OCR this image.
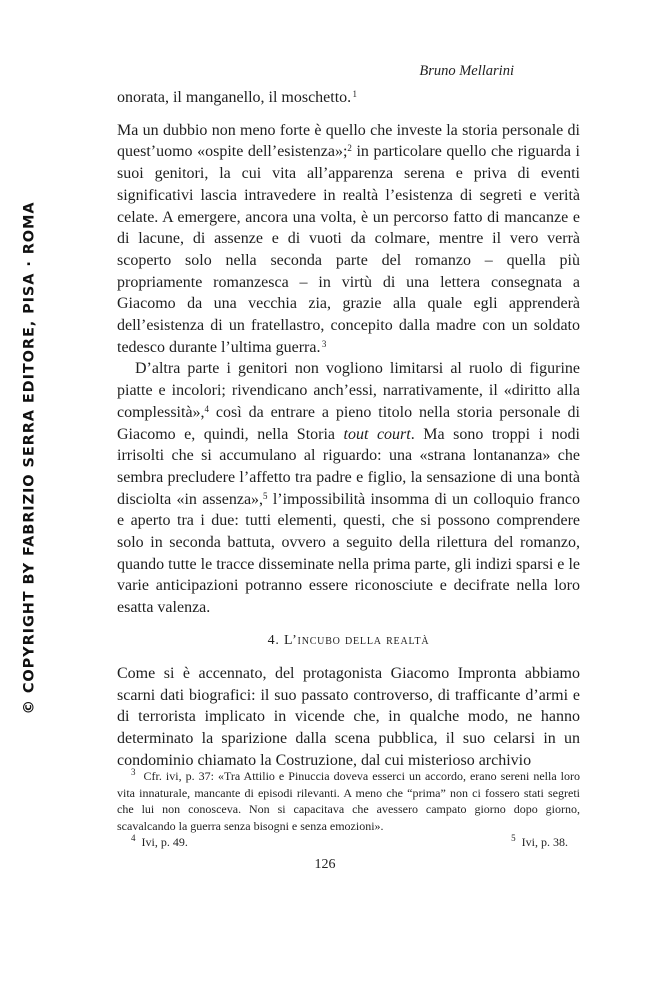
© COPYRIGHT BY FABRIZIO SERRA EDITORE, PISA · ROMA
Bruno Mellarini

onorata, il manganello, il moschetto. $^1$

Ma un dubbio non meno forte è quello che investe la storia personale di quest’uomo «ospite dell’esistenza»;$^2$ in particolare quello che riguarda i suoi genitori, la cui vita all’apparenza serena e priva di eventi significativi lascia intravedere in realtà l’esistenza di segreti e verità celate. A emergere, ancora una volta, è un percorso fatto di mancanze e di lacune, di assenze e di vuoti da colmare, mentre il vero verrà scoperto solo nella seconda parte del romanzo – quella più propriamente romanzesca – in virtù di una lettera consegnata a Giacomo da una vecchia zia, grazie alla quale egli apprenderà dell’esistenza di un fratellastro, concepito dalla madre con un soldato tedesco durante l’ultima guerra. $^3$

D’altra parte i genitori non vogliono limitarsi al ruolo di figurine piatte e incolori; rivendicano anch’essi, narrativamente, il «diritto alla complessità»,$^4$ così da entrare a pieno titolo nella storia personale di Giacomo e, quindi, nella Storia tout court. Ma sono troppi i nodi irrisolti che si accumulano al riguardo: una «strana lontananza» che sembra precludere l’affetto tra padre e figlio, la sensazione di una bontà disciolta «in assenza»,$^5$ l’impossibilità insomma di un colloquio franco e aperto tra i due: tutti elementi, questi, che si possono comprendere solo in seconda battuta, ovvero a seguito della rilettura del romanzo, quando tutte le tracce disseminate nella prima parte, gli indizi sparsi e le varie anticipazioni potranno essere riconosciute e decifrate nella loro esatta valenza.

4. L’incubo della realtà

Come si è accennato, del protagonista Giacomo Impronta abbiamo scarni dati biografici: il suo passato controverso, di trafficante d’armi e di terrorista implicato in vicende che, in qualche modo, ne hanno determinato la sparizione dalla scena pubblica, il suo celarsi in un condominio chiamato la Costruzione, dal cui misterioso archivio

$^3$ Cfr. ivi, p. 37: «Tra Attilio e Pinuccia doveva esserci un accordo, erano sereni nella loro vita innaturale, mancante di episodi rilevanti. A meno che “prima” non ci fossero stati segreti che lui non conosceva. Non si capacitava che avessero campato giorno dopo giorno, scavalcando la guerra senza bisogni e senza emozioni».

$^4$ Ivi, p. 49.	$^5$ Ivi, p. 38.
126
